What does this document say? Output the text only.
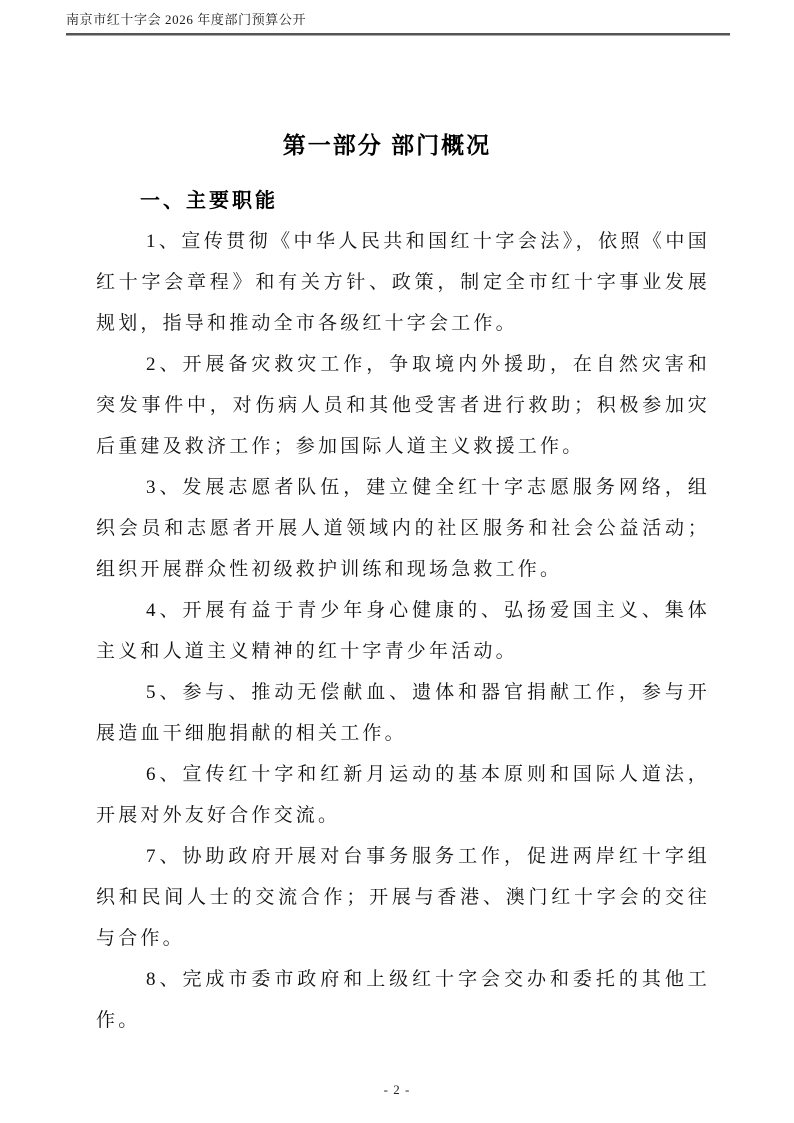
南京市红十字会 2026 年度部门预算公开
第一部分 部门概况
一、主要职能

1、宣传贯彻《中华人民共和国红十字会法》，依照《中国红十字会章程》和有关方针、政策，制定全市红十字事业发展规划，指导和推动全市各级红十字会工作。

2、开展备灾救灾工作，争取境内外援助，在自然灾害和突发事件中，对伤病人员和其他受害者进行救助；积极参加灾后重建及救济工作；参加国际人道主义救援工作。

3、发展志愿者队伍，建立健全红十字志愿服务网络，组织会员和志愿者开展人道领域内的社区服务和社会公益活动；组织开展群众性初级救护训练和现场急救工作。

4、开展有益于青少年身心健康的、弘扬爱国主义、集体主义和人道主义精神的红十字青少年活动。

5、参与、推动无偿献血、遗体和器官捐献工作，参与开展造血干细胞捐献的相关工作。

6、宣传红十字和红新月运动的基本原则和国际人道法，开展对外友好合作交流。

7、协助政府开展对台事务服务工作，促进两岸红十字组织和民间人士的交流合作；开展与香港、澳门红十字会的交往与合作。

8、完成市委市政府和上级红十字会交办和委托的其他工作。

- 2 -
